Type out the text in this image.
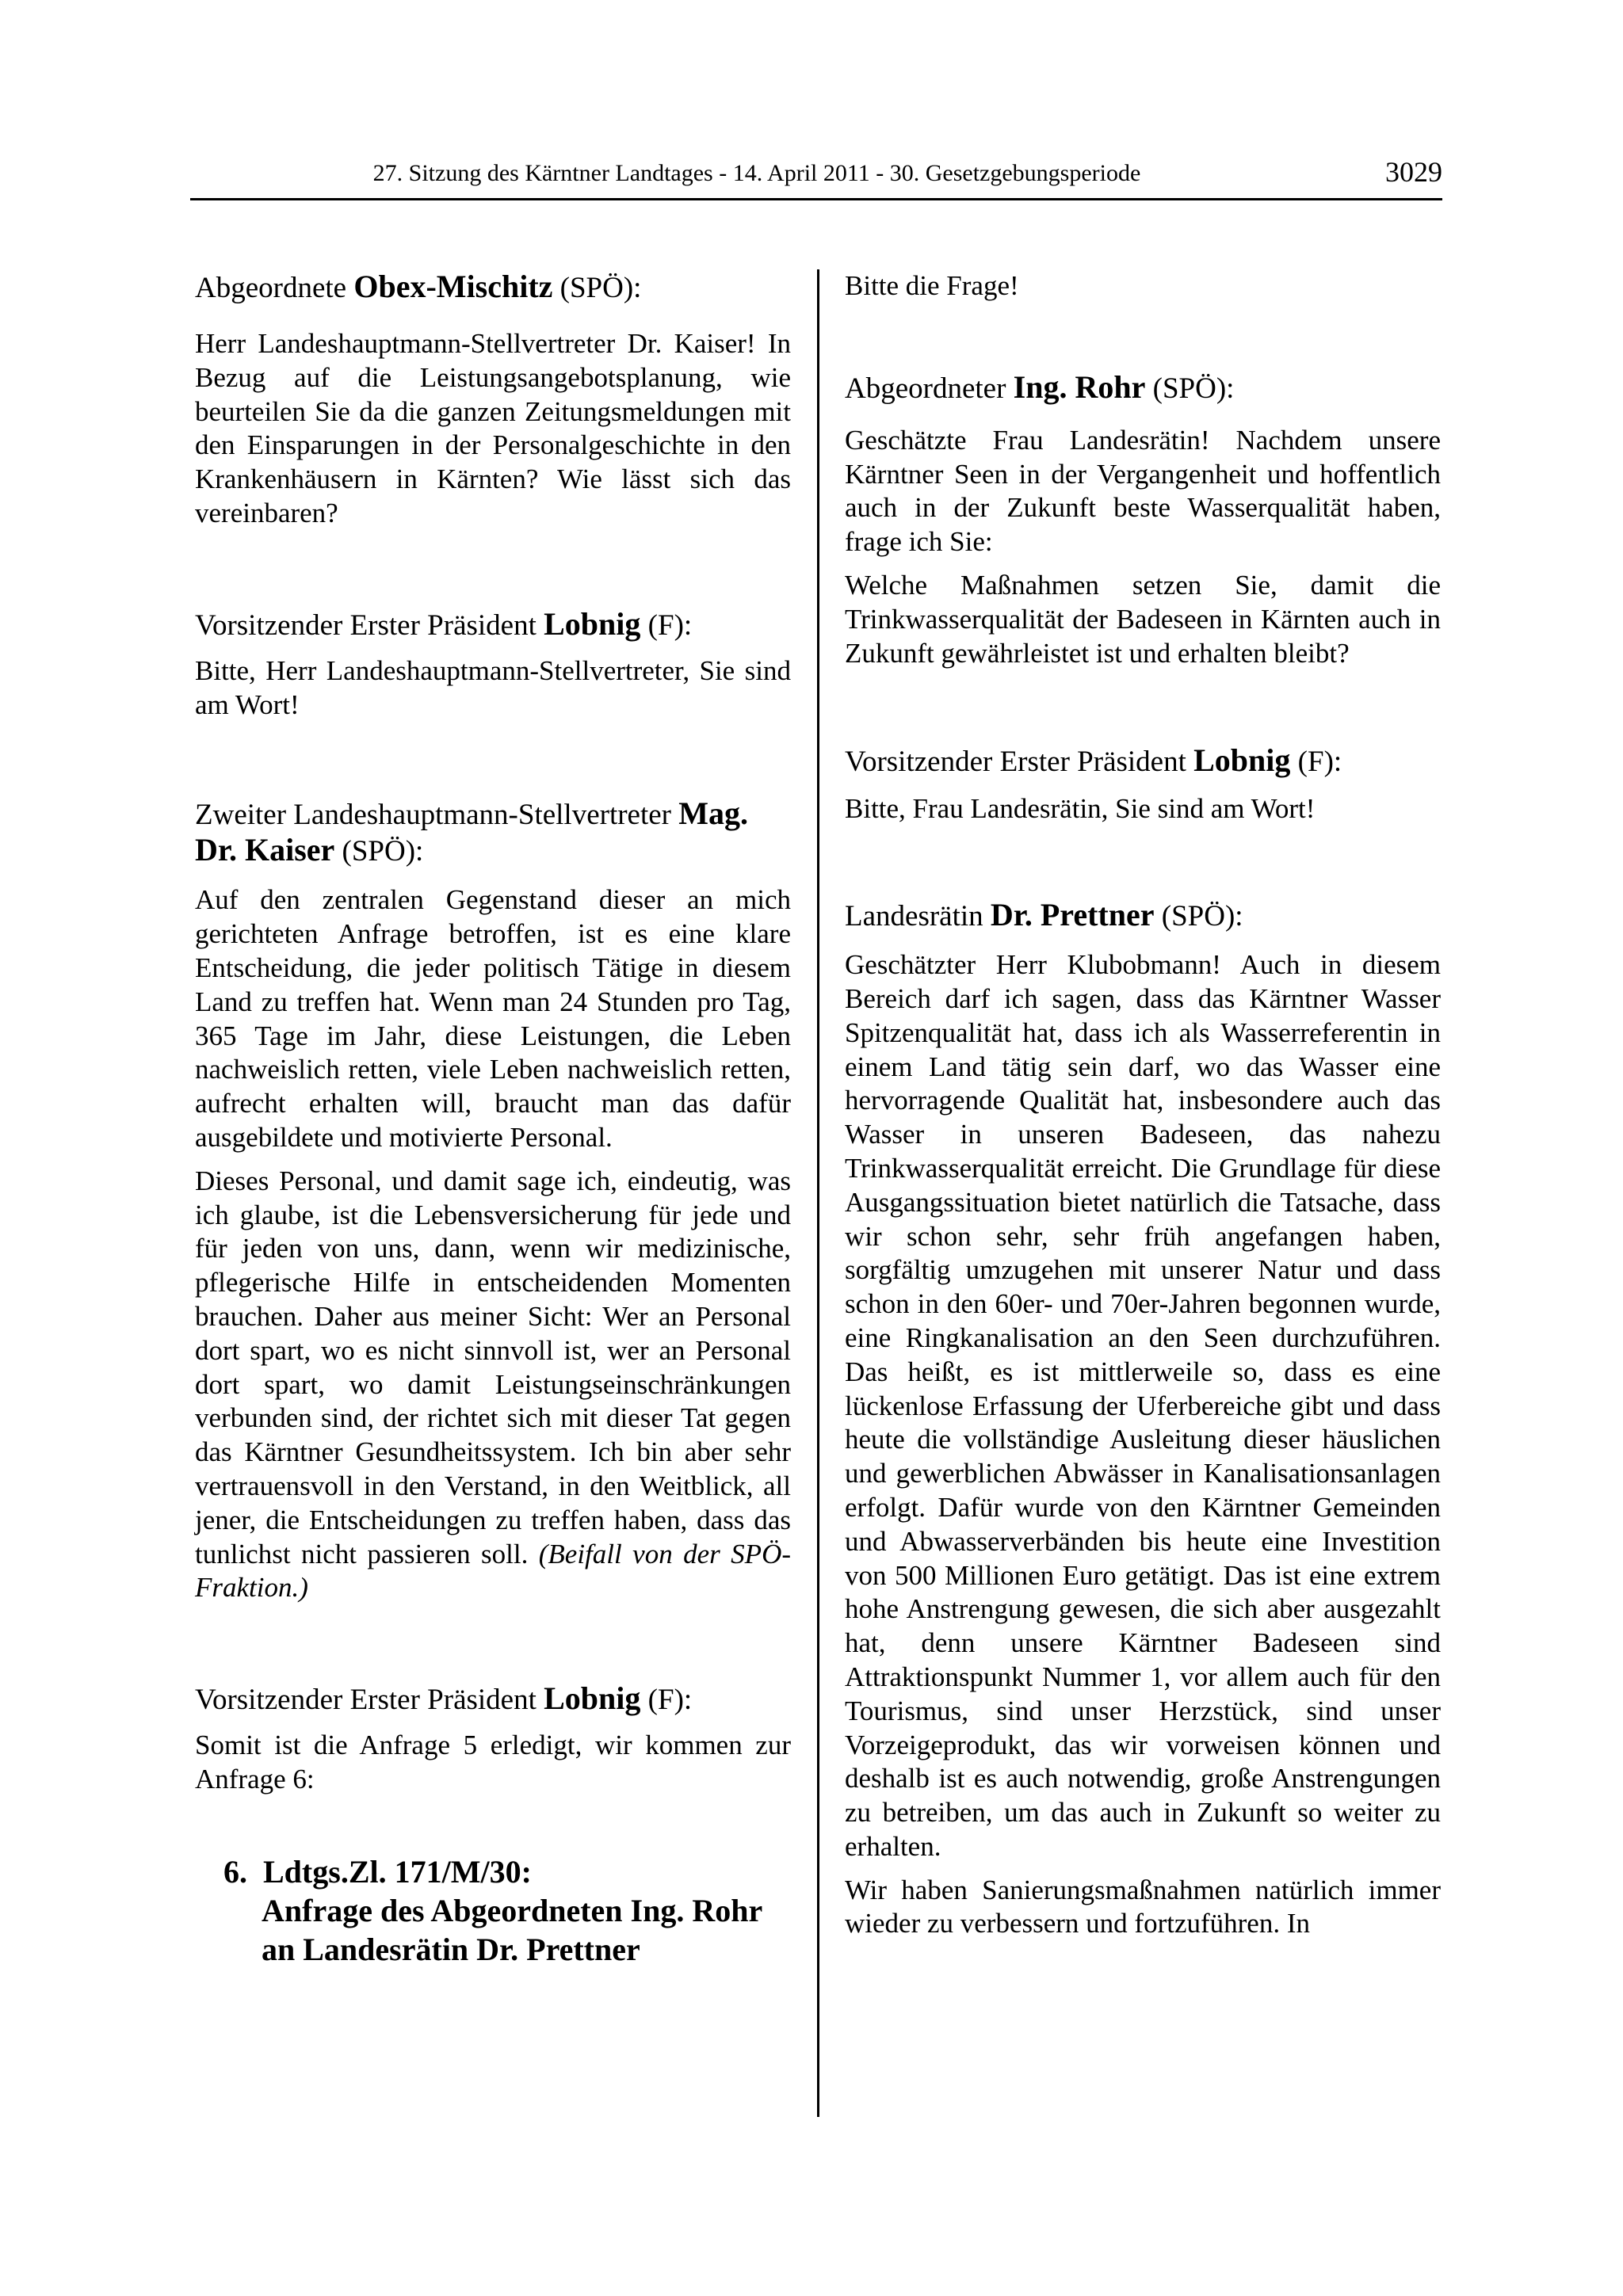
27. Sitzung des Kärntner Landtages - 14. April 2011 - 30. Gesetzgebungsperiode	3029
Abgeordnete Obex-Mischitz (SPÖ):

Herr Landeshauptmann-Stellvertreter Dr. Kaiser! In Bezug auf die Leistungsangebotsplanung, wie beurteilen Sie da die ganzen Zeitungsmeldungen mit den Einsparungen in der Personalgeschichte in den Krankenhäusern in Kärnten? Wie lässt sich das vereinbaren?

Vorsitzender Erster Präsident Lobnig (F):

Bitte, Herr Landeshauptmann-Stellvertreter, Sie sind am Wort!

Zweiter Landeshauptmann-Stellvertreter Mag. Dr. Kaiser (SPÖ):

Auf den zentralen Gegenstand dieser an mich gerichteten Anfrage betroffen, ist es eine klare Entscheidung, die jeder politisch Tätige in diesem Land zu treffen hat. Wenn man 24 Stunden pro Tag, 365 Tage im Jahr, diese Leistungen, die Leben nachweislich retten, viele Leben nachweislich retten, aufrecht erhalten will, braucht man das dafür ausgebildete und motivierte Personal.

Dieses Personal, und damit sage ich, eindeutig, was ich glaube, ist die Lebensversicherung für jede und für jeden von uns, dann, wenn wir medizinische, pflegerische Hilfe in entscheidenden Momenten brauchen. Daher aus meiner Sicht: Wer an Personal dort spart, wo es nicht sinnvoll ist, wer an Personal dort spart, wo damit Leistungseinschränkungen verbunden sind, der richtet sich mit dieser Tat gegen das Kärntner Gesundheitssystem. Ich bin aber sehr vertrauensvoll in den Verstand, in den Weitblick, all jener, die Entscheidungen zu treffen haben, dass das tunlichst nicht passieren soll. (Beifall von der SPÖ-Fraktion.)

Vorsitzender Erster Präsident Lobnig (F):

Somit ist die Anfrage 5 erledigt, wir kommen zur Anfrage 6:

6. Ldtgs.Zl. 171/M/30:
Anfrage des Abgeordneten Ing. Rohr
an Landesrätin Dr. Prettner

Bitte die Frage!

Abgeordneter Ing. Rohr (SPÖ):

Geschätzte Frau Landesrätin! Nachdem unsere Kärntner Seen in der Vergangenheit und hoffentlich auch in der Zukunft beste Wasserqualität haben, frage ich Sie:

Welche Maßnahmen setzen Sie, damit die Trinkwasserqualität der Badeseen in Kärnten auch in Zukunft gewährleistet ist und erhalten bleibt?

Vorsitzender Erster Präsident Lobnig (F):

Bitte, Frau Landesrätin, Sie sind am Wort!

Landesrätin Dr. Prettner (SPÖ):

Geschätzter Herr Klubobmann! Auch in diesem Bereich darf ich sagen, dass das Kärntner Wasser Spitzenqualität hat, dass ich als Wasserreferentin in einem Land tätig sein darf, wo das Wasser eine hervorragende Qualität hat, insbesondere auch das Wasser in unseren Badeseen, das nahezu Trinkwasserqualität erreicht. Die Grundlage für diese Ausgangssituation bietet natürlich die Tatsache, dass wir schon sehr, sehr früh angefangen haben, sorgfältig umzugehen mit unserer Natur und dass schon in den 60er- und 70er-Jahren begonnen wurde, eine Ringkanalisation an den Seen durchzuführen. Das heißt, es ist mittlerweile so, dass es eine lückenlose Erfassung der Uferbereiche gibt und dass heute die vollständige Ausleitung dieser häuslichen und gewerblichen Abwässer in Kanalisationsanlagen erfolgt. Dafür wurde von den Kärntner Gemeinden und Abwasserverbänden bis heute eine Investition von 500 Millionen Euro getätigt. Das ist eine extrem hohe Anstrengung gewesen, die sich aber ausgezahlt hat, denn unsere Kärntner Badeseen sind Attraktionspunkt Nummer 1, vor allem auch für den Tourismus, sind unser Herzstück, sind unser Vorzeigeprodukt, das wir vorweisen können und deshalb ist es auch notwendig, große Anstrengungen zu betreiben, um das auch in Zukunft so weiter zu erhalten.

Wir haben Sanierungsmaßnahmen natürlich immer wieder zu verbessern und fortzuführen. In
